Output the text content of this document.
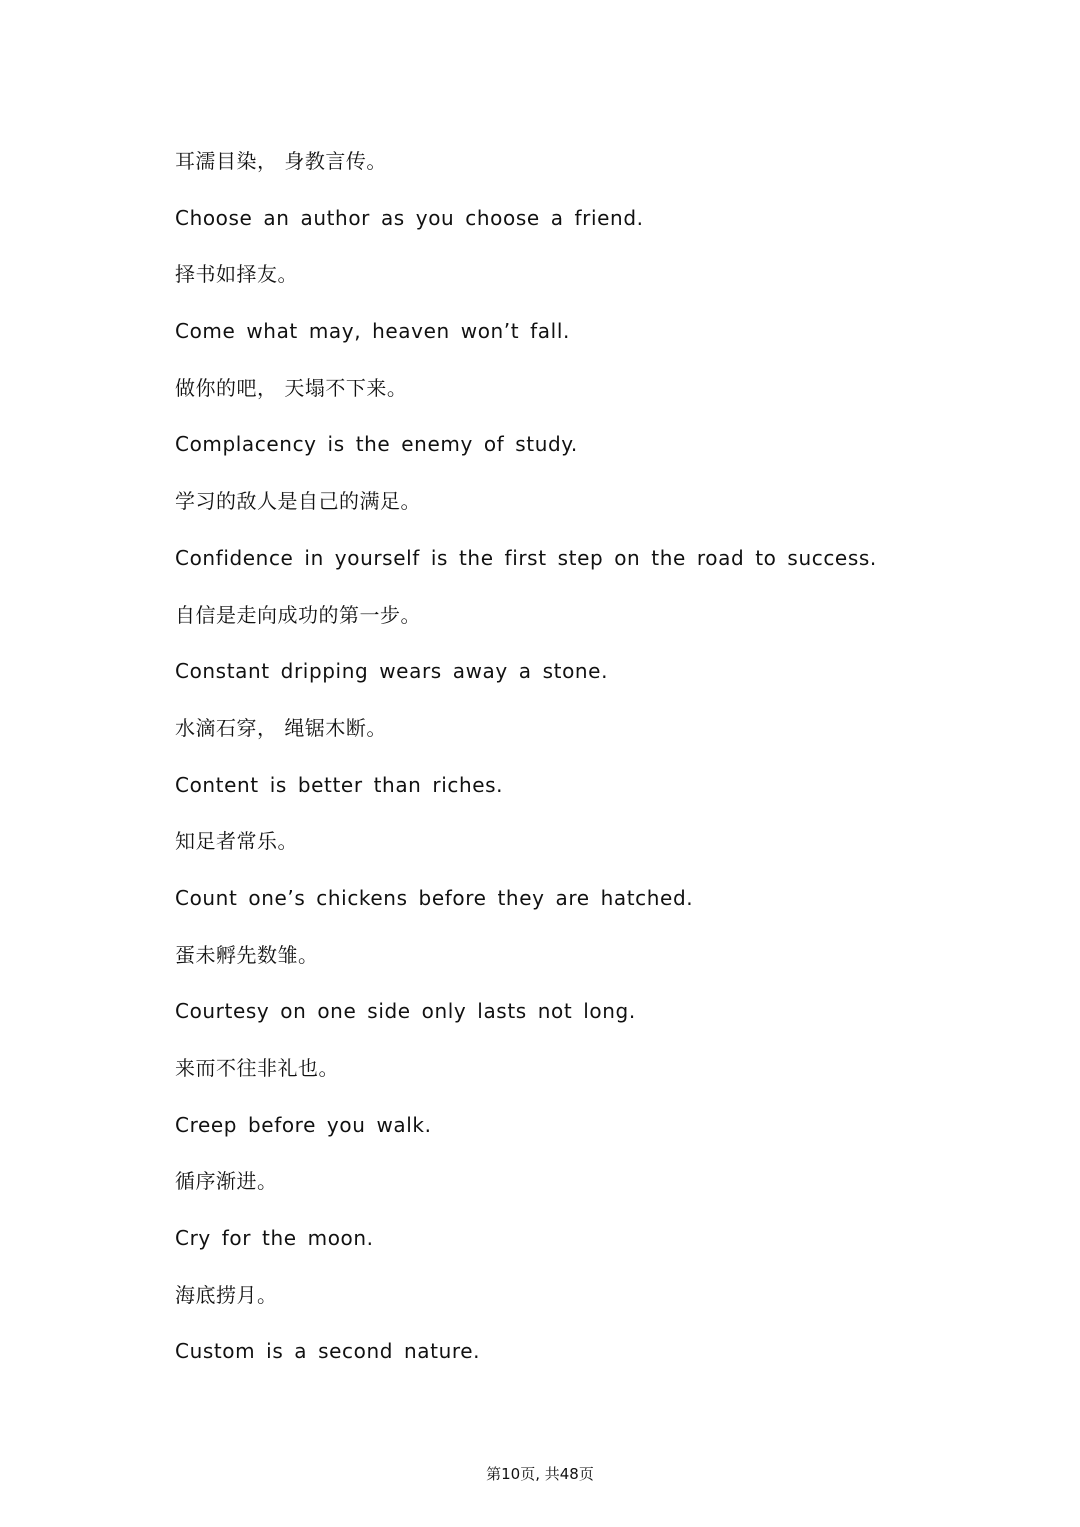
耳濡目染， 身教言传。
Choose an author as you choose a friend.
择书如择友。
Come what may, heaven won’t fall.
做你的吧， 天塌不下来。
Complacency is the enemy of study.
学习的敌人是自己的满足。
Confidence in yourself is the first step on the road to success.
自信是走向成功的第一步。
Constant dripping wears away a stone.
水滴石穿， 绳锯木断。
Content is better than riches.
知足者常乐。
Count one’s chickens before they are hatched.
蛋未孵先数雏。
Courtesy on one side only lasts not long.
来而不往非礼也。
Creep before you walk.
循序渐进。
Cry for the moon.
海底捞月。
Custom is a second nature.
第10页, 共48页
